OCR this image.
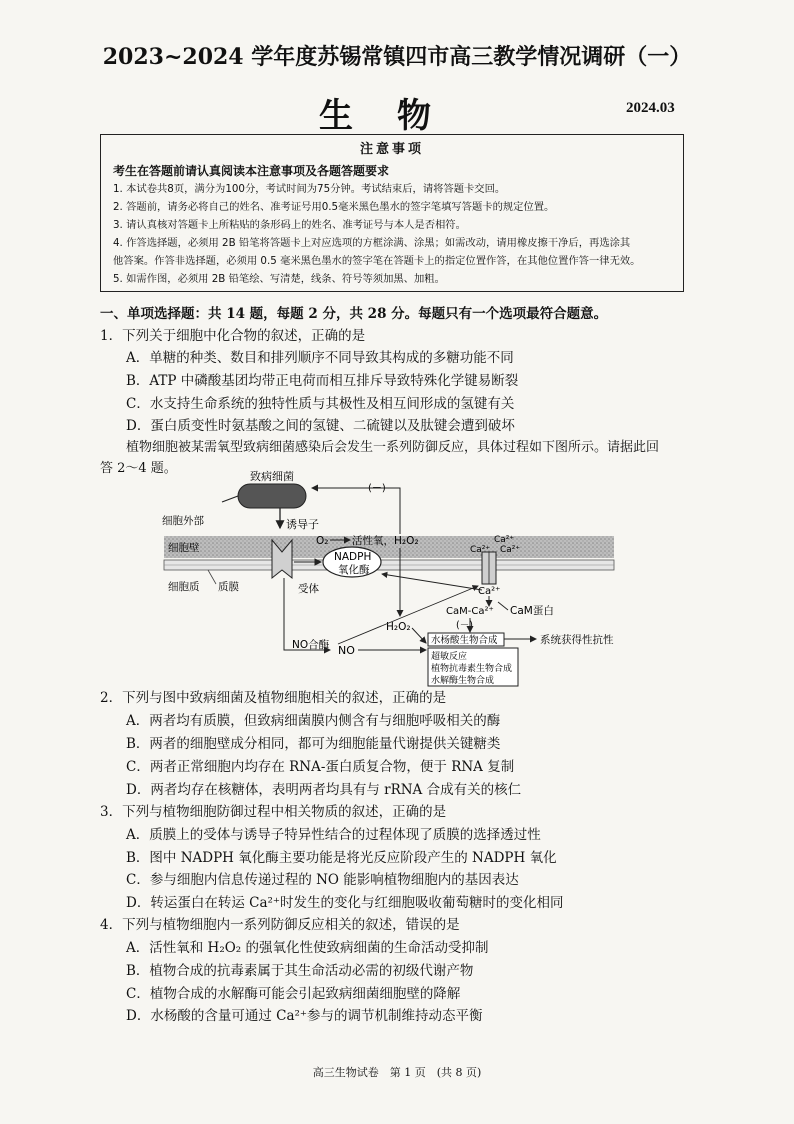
2023~2024 学年度苏锡常镇四市高三教学情况调研（一）
生物	2024.03
注意事项
考生在答题前请认真阅读本注意事项及各题答题要求
1. 本试卷共8页，满分为100分，考试时间为75分钟。考试结束后，请将答题卡交回。
2. 答题前，请务必将自己的姓名、准考证号用0.5毫米黑色墨水的签字笔填写答题卡的规定位置。
3. 请认真核对答题卡上所粘贴的条形码上的姓名、准考证号与本人是否相符。
4. 作答选择题，必须用 2B 铅笔将答题卡上对应选项的方框涂满、涂黑；如需改动，请用橡皮擦干净后，再选涂其
他答案。作答非选择题，必须用 0.5 毫米黑色墨水的签字笔在答题卡上的指定位置作答，在其他位置作答一律无效。
5. 如需作图，必须用 2B 铅笔绘、写清楚，线条、符号等须加黑、加粗。
一、单项选择题：共 14 题，每题 2 分，共 28 分。每题只有一个选项最符合题意。
1．下列关于细胞中化合物的叙述，正确的是
A．单糖的种类、数目和排列顺序不同导致其构成的多糖功能不同
B．ATP 中磷酸基团均带正电荷而相互排斥导致特殊化学键易断裂
C．水支持生命系统的独特性质与其极性及相互间形成的氢键有关
D．蛋白质变性时氨基酸之间的氢键、二硫键以及肽键会遭到破坏
植物细胞被某需氧型致病细菌感染后会发生一系列防御反应，具体过程如下图所示。请据此回
答 2～4 题。
致病细菌
诱导子
细胞外部
细胞壁
质膜
细胞质	受体
NADPH
氧化酶
O₂ 活性氧，H₂O₂
(－)
H₂O₂
Ca²⁺
Ca²⁺ Ca²⁺
Ca²⁺
CaM-Ca²⁺ CaM蛋白
(－)
水杨酸生物合成	系统获得性抗性
超敏反应
植物抗毒素生物合成
水解酶生物合成
NO合酶 NO
2．下列与图中致病细菌及植物细胞相关的叙述，正确的是
A．两者均有质膜，但致病细菌膜内侧含有与细胞呼吸相关的酶
B．两者的细胞壁成分相同，都可为细胞能量代谢提供关键糖类
C．两者正常细胞内均存在 RNA-蛋白质复合物，便于 RNA 复制
D．两者均存在核糖体，表明两者均具有与 rRNA 合成有关的核仁
3．下列与植物细胞防御过程中相关物质的叙述，正确的是
A．质膜上的受体与诱导子特异性结合的过程体现了质膜的选择透过性
B．图中 NADPH 氧化酶主要功能是将光反应阶段产生的 NADPH 氧化
C．参与细胞内信息传递过程的 NO 能影响植物细胞内的基因表达
D．转运蛋白在转运 Ca²⁺时发生的变化与红细胞吸收葡萄糖时的变化相同
4．下列与植物细胞内一系列防御反应相关的叙述，错误的是
A．活性氧和 H₂O₂ 的强氧化性使致病细菌的生命活动受抑制
B．植物合成的抗毒素属于其生命活动必需的初级代谢产物
C．植物合成的水解酶可能会引起致病细菌细胞壁的降解
D．水杨酸的含量可通过 Ca²⁺参与的调节机制维持动态平衡
高三生物试卷　第 1 页　(共 8 页)
